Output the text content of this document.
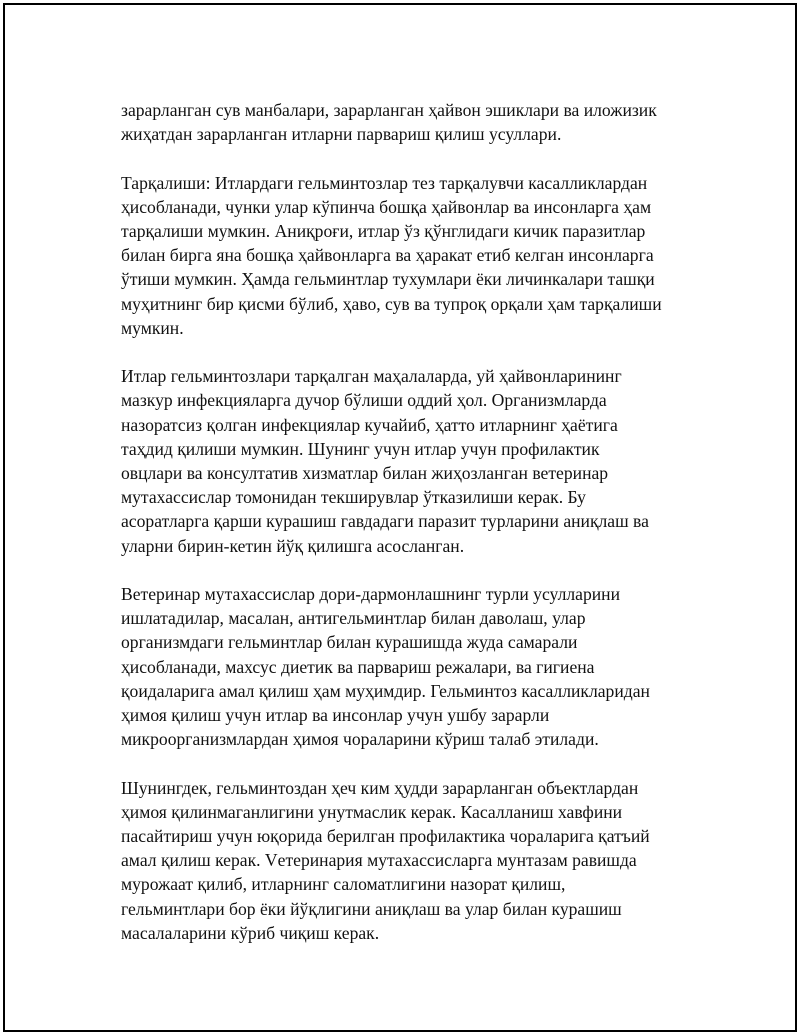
зарарланган сув манбалари, зарарланган ҳайвон эшиклари ва иложизик
жиҳатдан зарарланган итларни парвариш қилиш усуллари.

Тарқалиши: Итлардаги гельминтозлар тез тарқалувчи касалликлардан
ҳисобланади, чунки улар кўпинча бошқа ҳайвонлар ва инсонларга ҳам
тарқалиши мумкин. Аниқроғи, итлар ўз қўнглидаги кичик паразитлар
билан бирга яна бошқа ҳайвонларга ва ҳаракат етиб келган инсонларга
ўтиши мумкин. Ҳамда гельминтлар тухумлари ёки личинкалари ташқи
муҳитнинг бир қисми бўлиб, ҳаво, сув ва тупроқ орқали ҳам тарқалиши
мумкин.

Итлар гельминтозлари тарқалган маҳалаларда, уй ҳайвонларининг
мазкур инфекцияларга дучор бўлиши оддий ҳол. Организмларда
назоратсиз қолган инфекциялар кучайиб, ҳатто итларнинг ҳаётига
таҳдид қилиши мумкин. Шунинг учун итлар учун профилактик
овцлари ва консултатив хизматлар билан жиҳозланган ветеринар
мутахассислар томонидан текширувлар ўтказилиши керак. Бу
асоратларга қарши курашиш гавдадаги паразит турларини аниқлаш ва
уларни бирин-кетин йўқ қилишга асосланган.

Ветеринар мутахассислар дори-дармонлашнинг турли усулларини
ишлатадилар, масалан, антигельминтлар билан даволаш, улар
организмдаги гельминтлар билан курашишда жуда самарали
ҳисобланади, махсус диетик ва парвариш режалари, ва гигиена
қоидаларига амал қилиш ҳам муҳимдир. Гельминтоз касалликларидан
ҳимоя қилиш учун итлар ва инсонлар учун ушбу зарарли
микроорганизмлардан ҳимоя чораларини кўриш талаб этилади.

Шунингдек, гельминтоздан ҳеч ким ҳудди зарарланган объектлардан
ҳимоя қилинмаганлигини унутмаслик керак. Касалланиш хавфини
пасайтириш учун юқорида берилган профилактика чораларига қатъий
амал қилиш керак. Vетеринария мутахассисларга мунтазам равишда
мурожаат қилиб, итларнинг саломатлигини назорат қилиш,
гельминтлари бор ёки йўқлигини аниқлаш ва улар билан курашиш
масалаларини кўриб чиқиш керак.
